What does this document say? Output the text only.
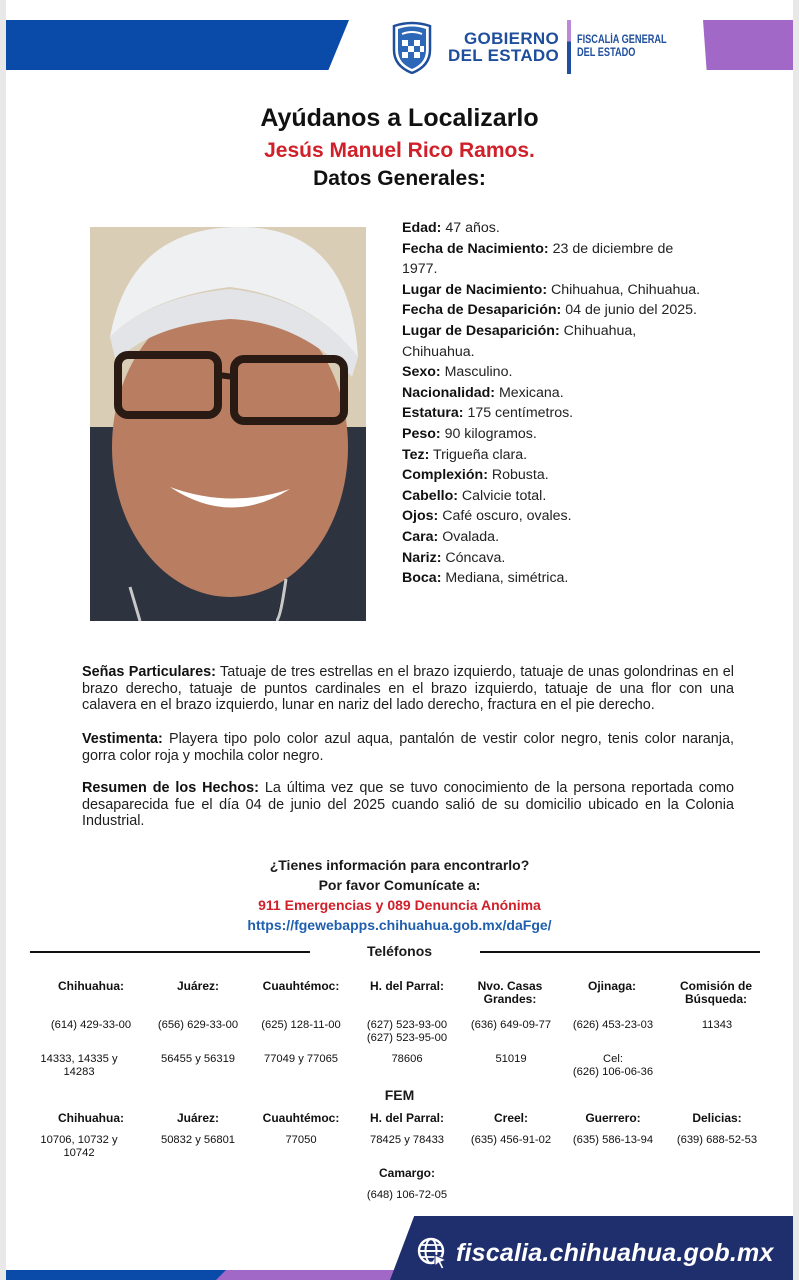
GOBIERNO
DEL ESTADO
FISCALÍA GENERAL
DEL ESTADO
Ayúdanos a Localizarlo
Jesús Manuel Rico Ramos.
Datos Generales:
Edad: 47 años.
Fecha de Nacimiento: 23 de diciembre de 1977.
Lugar de Nacimiento: Chihuahua, Chihuahua.
Fecha de Desaparición: 04 de junio del 2025.
Lugar de Desaparición: Chihuahua, Chihuahua.
Sexo: Masculino.
Nacionalidad: Mexicana.
Estatura: 175 centímetros.
Peso: 90 kilogramos.
Tez: Trigueña clara.
Complexión: Robusta.
Cabello: Calvicie total.
Ojos: Café oscuro, ovales.
Cara: Ovalada.
Nariz: Cóncava.
Boca: Mediana, simétrica.
Señas Particulares: Tatuaje de tres estrellas en el brazo izquierdo, tatuaje de unas golondrinas en el brazo derecho, tatuaje de puntos cardinales en el brazo izquierdo, tatuaje de una flor con una calavera en el brazo izquierdo, lunar en nariz del lado derecho, fractura en el pie derecho.
Vestimenta: Playera tipo polo color azul aqua, pantalón de vestir color negro, tenis color naranja, gorra color roja y mochila color negro.
Resumen de los Hechos: La última vez que se tuvo conocimiento de la persona reportada como desaparecida fue el día 04 de junio del 2025 cuando salió de su domicilio ubicado en la Colonia Industrial.
¿Tienes información para encontrarlo?
Por favor Comunícate a:
911 Emergencias y 089 Denuncia Anónima
https://fgewebapps.chihuahua.gob.mx/daFge/
Teléfonos
FEM
fiscalia.chihuahua.gob.mx
Chihuahua:
(614) 429-33-00
14333, 14335 y 14283
Juárez:
(656) 629-33-00
56455 y 56319
Cuauhtémoc:
(625) 128-11-00
77049 y 77065
H. del Parral:
(627) 523-93-00
(627) 523-95-00
78606
Nvo. Casas Grandes:
(636) 649-09-77
51019
Ojinaga:
(626) 453-23-03
Cel:
(626) 106-06-36
Comisión de Búsqueda:
11343
Chihuahua:
10706, 10732 y 10742
Juárez:
50832 y 56801
Cuauhtémoc:
77050
H. del Parral:
78425 y 78433
Creel:
(635) 456-91-02
Guerrero:
(635) 586-13-94
Delicias:
(639) 688-52-53
Camargo:
(648) 106-72-05
